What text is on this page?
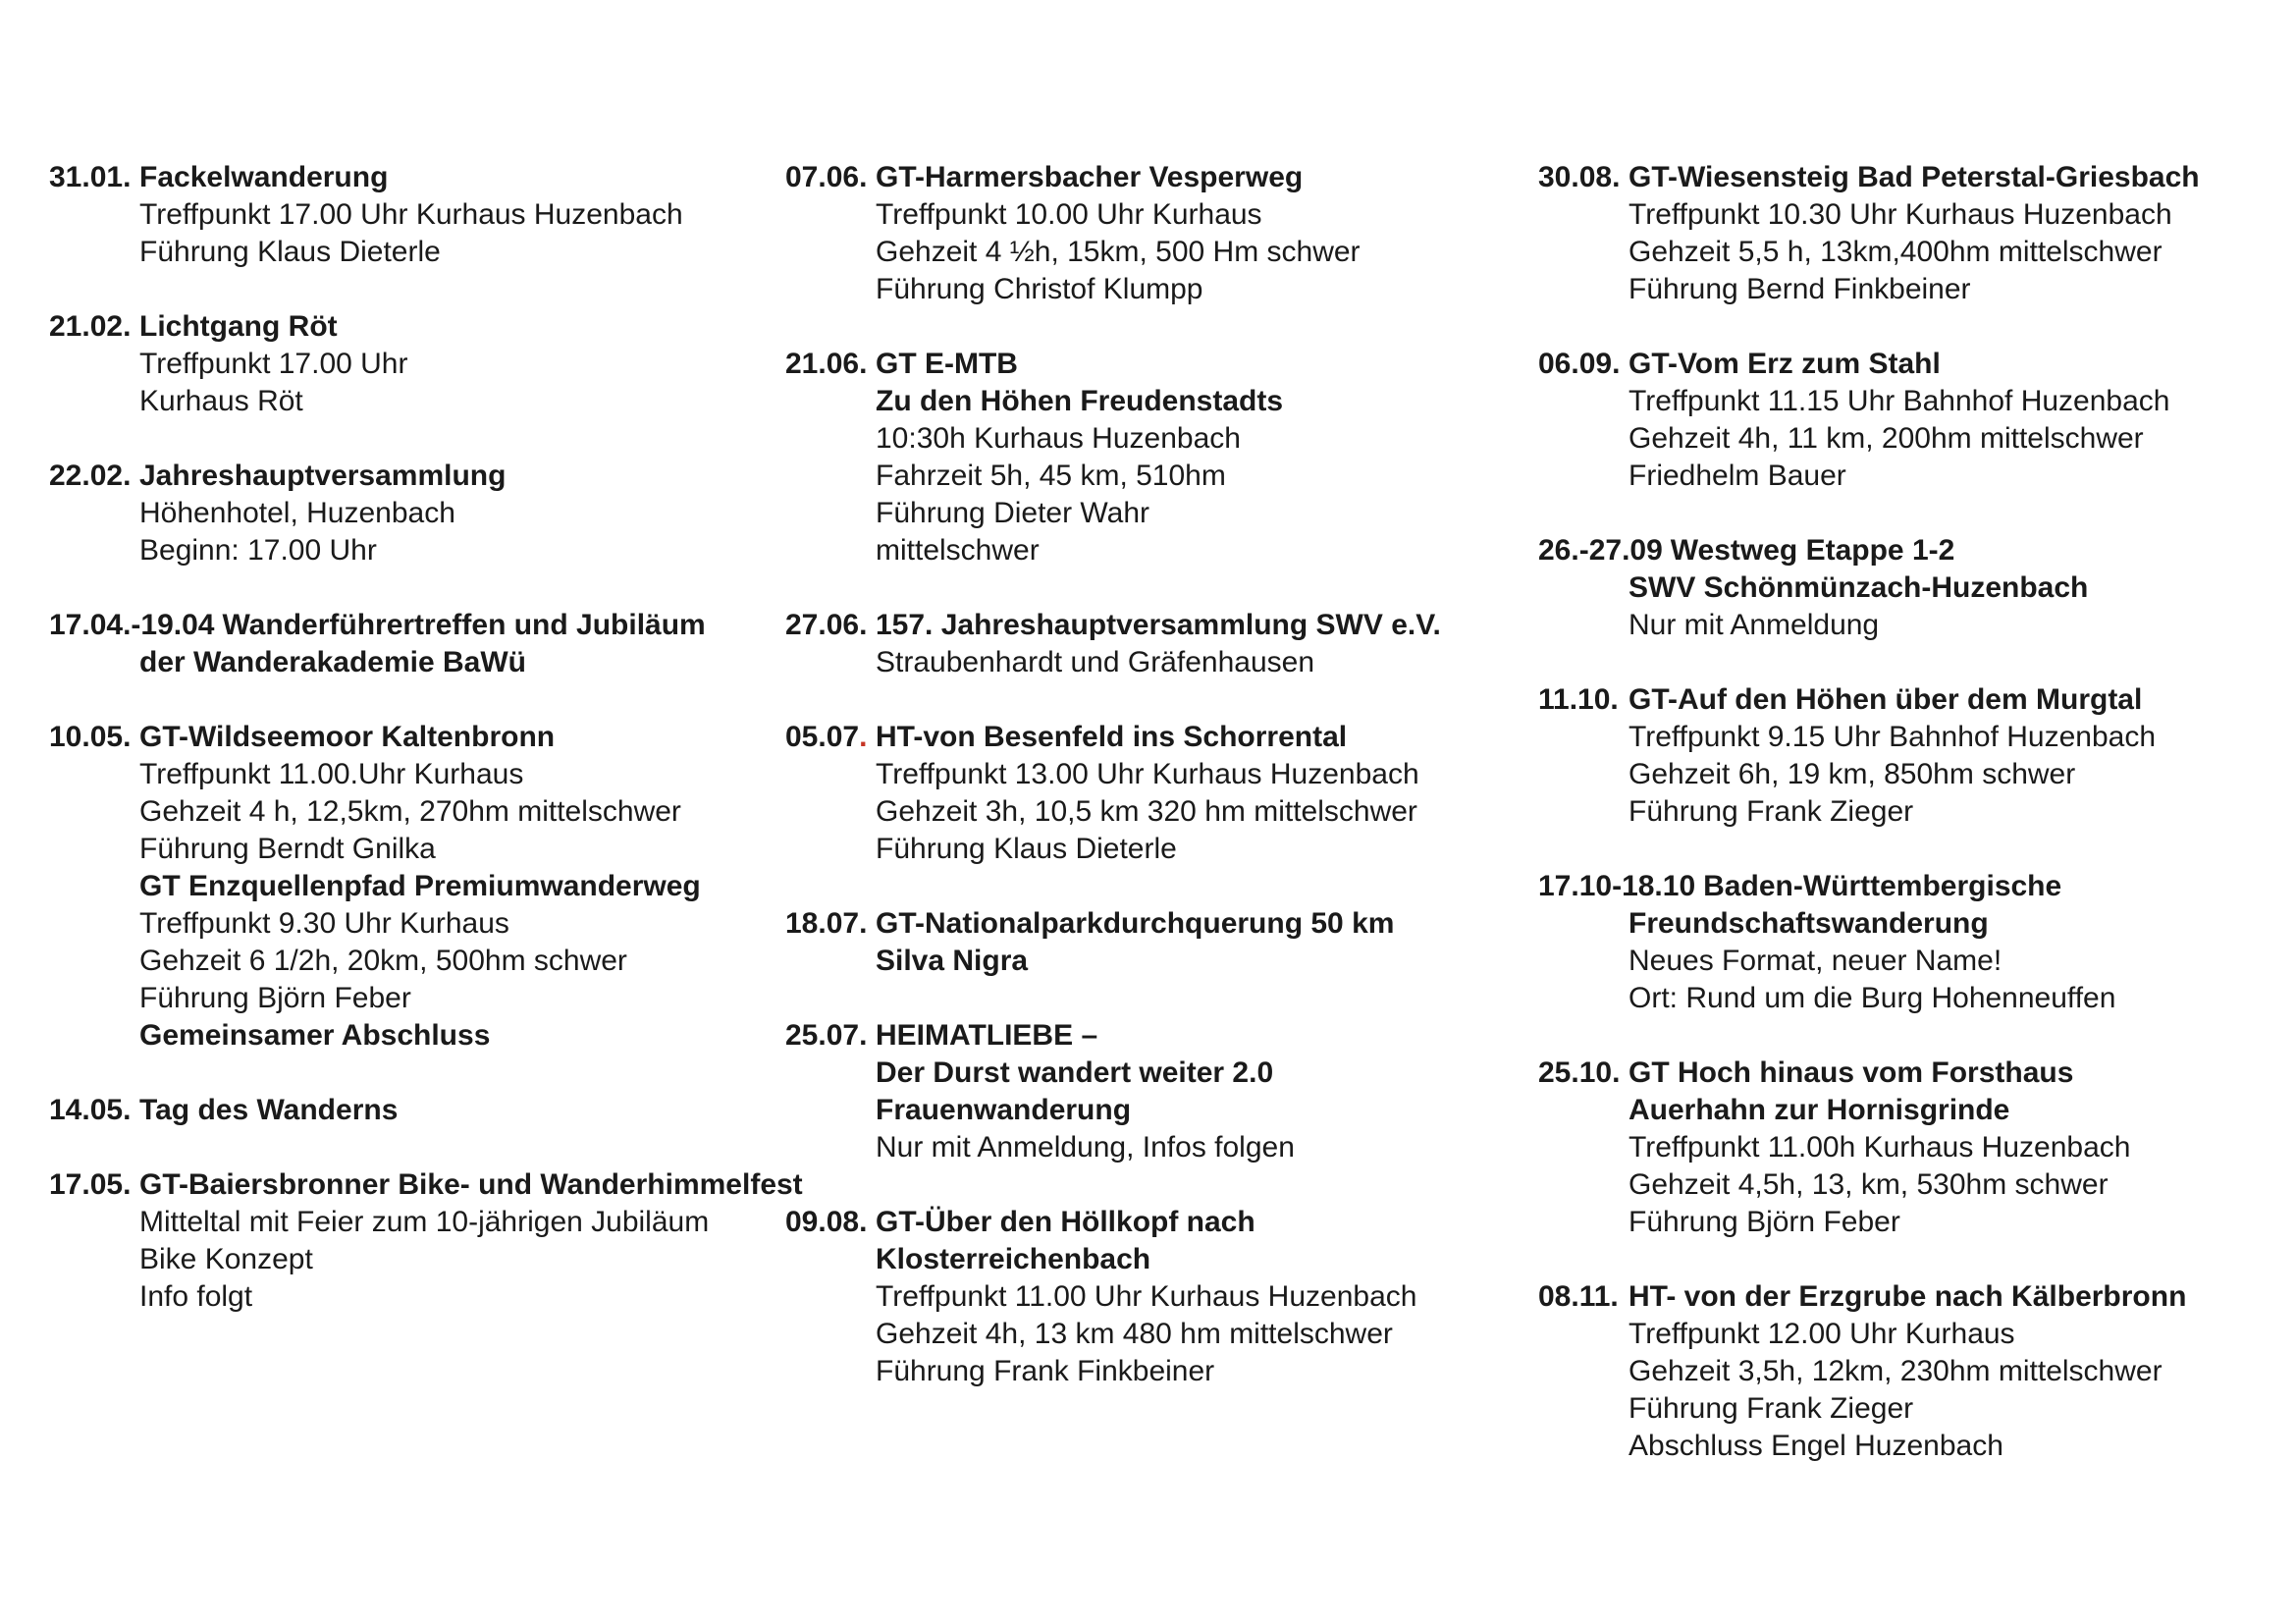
31.01. Fackelwanderung
Treffpunkt 17.00 Uhr Kurhaus Huzenbach
Führung Klaus Dieterle
21.02. Lichtgang Röt
Treffpunkt 17.00 Uhr
Kurhaus Röt
22.02. Jahreshauptversammlung
Höhenhotel, Huzenbach
Beginn: 17.00 Uhr
17.04.-19.04 Wanderführertreffen und Jubiläum
der Wanderakademie BaWü
10.05. GT-Wildseemoor Kaltenbronn
Treffpunkt 11.00.Uhr Kurhaus
Gehzeit 4 h, 12,5km, 270hm mittelschwer
Führung Berndt Gnilka
GT Enzquellenpfad Premiumwanderweg
Treffpunkt 9.30 Uhr Kurhaus
Gehzeit 6 1/2h, 20km, 500hm schwer
Führung Björn Feber
Gemeinsamer Abschluss
14.05. Tag des Wanderns
17.05. GT-Baiersbronner Bike- und Wanderhimmelfest
Mitteltal mit Feier zum 10-jährigen Jubiläum
Bike Konzept
Info folgt
07.06. GT-Harmersbacher Vesperweg
Treffpunkt 10.00 Uhr Kurhaus
Gehzeit 4 ½h, 15km, 500 Hm schwer
Führung Christof Klumpp
21.06. GT E-MTB
Zu den Höhen Freudenstadts
10:30h Kurhaus Huzenbach
Fahrzeit 5h, 45 km, 510hm
Führung Dieter Wahr
mittelschwer
27.06. 157. Jahreshauptversammlung SWV e.V.
Straubenhardt und Gräfenhausen
05.07. HT-von Besenfeld ins Schorrental
Treffpunkt 13.00 Uhr Kurhaus Huzenbach
Gehzeit 3h, 10,5 km 320 hm mittelschwer
Führung Klaus Dieterle
18.07. GT-Nationalparkdurchquerung 50 km
Silva Nigra
25.07. HEIMATLIEBE –
Der Durst wandert weiter 2.0
Frauenwanderung
Nur mit Anmeldung, Infos folgen
09.08. GT-Über den Höllkopf nach
Klosterreichenbach
Treffpunkt 11.00 Uhr Kurhaus Huzenbach
Gehzeit 4h, 13 km 480 hm mittelschwer
Führung Frank Finkbeiner
30.08. GT-Wiesensteig Bad Peterstal-Griesbach
Treffpunkt 10.30 Uhr Kurhaus Huzenbach
Gehzeit 5,5 h, 13km,400hm mittelschwer
Führung Bernd Finkbeiner
06.09. GT-Vom Erz zum Stahl
Treffpunkt 11.15 Uhr Bahnhof Huzenbach
Gehzeit 4h, 11 km, 200hm mittelschwer
Friedhelm Bauer
26.-27.09 Westweg Etappe 1-2
SWV Schönmünzach-Huzenbach
Nur mit Anmeldung
11.10. GT-Auf den Höhen über dem Murgtal
Treffpunkt 9.15 Uhr Bahnhof Huzenbach
Gehzeit 6h, 19 km, 850hm schwer
Führung Frank Zieger
17.10-18.10 Baden-Württembergische
Freundschaftswanderung
Neues Format, neuer Name!
Ort: Rund um die Burg Hohenneuffen
25.10. GT Hoch hinaus vom Forsthaus
Auerhahn zur Hornisgrinde
Treffpunkt 11.00h Kurhaus Huzenbach
Gehzeit 4,5h, 13, km, 530hm schwer
Führung Björn Feber
08.11. HT- von der Erzgrube nach Kälberbronn
Treffpunkt 12.00 Uhr Kurhaus
Gehzeit 3,5h, 12km, 230hm mittelschwer
Führung Frank Zieger
Abschluss Engel Huzenbach
